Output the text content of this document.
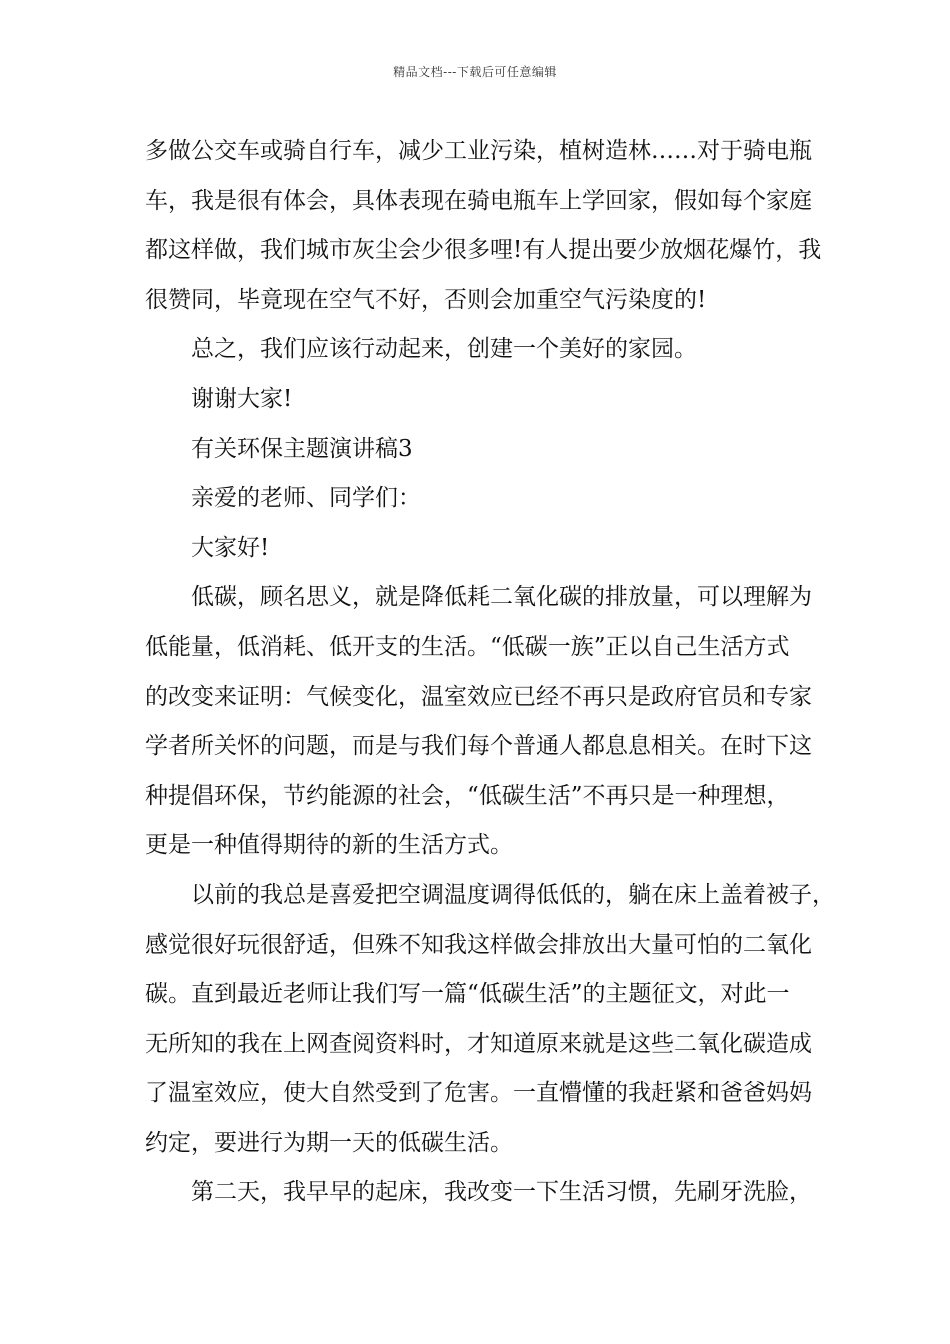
精品文档---下载后可任意编辑
多做公交车或骑自行车，减少工业污染，植树造林……对于骑电瓶
车，我是很有体会，具体表现在骑电瓶车上学回家，假如每个家庭
都这样做，我们城市灰尘会少很多哩!有人提出要少放烟花爆竹，我
很赞同，毕竟现在空气不好，否则会加重空气污染度的!
总之，我们应该行动起来，创建一个美好的家园。
谢谢大家!
有关环保主题演讲稿3
亲爱的老师、同学们：
大家好!
低碳，顾名思义，就是降低耗二氧化碳的排放量，可以理解为
低能量，低消耗、低开支的生活。“低碳一族”正以自己生活方式
的改变来证明：气候变化，温室效应已经不再只是政府官员和专家
学者所关怀的问题，而是与我们每个普通人都息息相关。在时下这
种提倡环保，节约能源的社会，“低碳生活”不再只是一种理想，
更是一种值得期待的新的生活方式。
以前的我总是喜爱把空调温度调得低低的，躺在床上盖着被子，
感觉很好玩很舒适，但殊不知我这样做会排放出大量可怕的二氧化
碳。直到最近老师让我们写一篇“低碳生活”的主题征文，对此一
无所知的我在上网查阅资料时，才知道原来就是这些二氧化碳造成
了温室效应，使大自然受到了危害。一直懵懂的我赶紧和爸爸妈妈
约定，要进行为期一天的低碳生活。
第二天，我早早的起床，我改变一下生活习惯，先刷牙洗脸，
